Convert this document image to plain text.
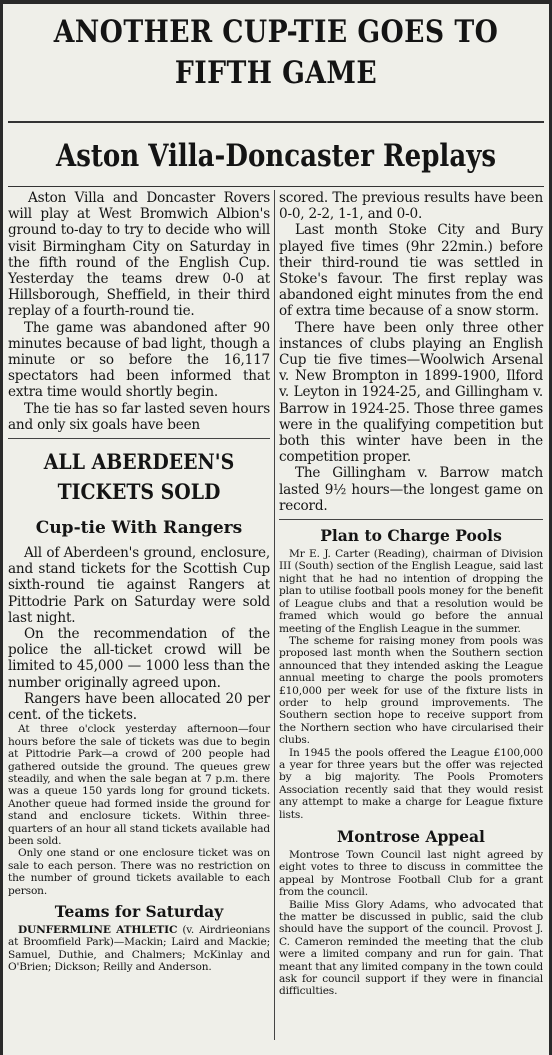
ANOTHER CUP-TIE GOES TO
FIFTH GAME
Aston Villa-Doncaster Replays

Aston Villa and Doncaster Rovers will play at West Bromwich Albion's ground to-day to try to decide who will visit Birmingham City on Saturday in the fifth round of the English Cup. Yesterday the teams drew 0-0 at Hillsborough, Sheffield, in their third replay of a fourth-round tie.

The game was abandoned after 90 minutes because of bad light, though a minute or so before the 16,117 spectators had been informed that extra time would shortly begin.

The tie has so far lasted seven hours and only six goals have been

ALL ABERDEEN'S
TICKETS SOLD
Cup-tie With Rangers

All of Aberdeen's ground, enclosure, and stand tickets for the Scottish Cup sixth-round tie against Rangers at Pittodrie Park on Saturday were sold last night.

On the recommendation of the police the all-ticket crowd will be limited to 45,000 — 1000 less than the number originally agreed upon.

Rangers have been allocated 20 per cent. of the tickets.

At three o'clock yesterday afternoon—four hours before the sale of tickets was due to begin at Pittodrie Park—a crowd of 200 people had gathered outside the ground. The queues grew steadily, and when the sale began at 7 p.m. there was a queue 150 yards long for ground tickets. Another queue had formed inside the ground for stand and enclosure tickets. Within three-quarters of an hour all stand tickets available had been sold.

Only one stand or one enclosure ticket was on sale to each person. There was no restriction on the number of ground tickets available to each person.

Teams for Saturday

DUNFERMLINE ATHLETIC (v. Airdrieonians at Broomfield Park)—Mackin; Laird and Mackie; Samuel, Duthie, and Chalmers; McKinlay and O'Brien; Dickson; Reilly and Anderson.

scored. The previous results have been 0-0, 2-2, 1-1, and 0-0.

Last month Stoke City and Bury played five times (9hr 22min.) before their third-round tie was settled in Stoke's favour. The first replay was abandoned eight minutes from the end of extra time because of a snow storm.

There have been only three other instances of clubs playing an English Cup tie five times—Woolwich Arsenal v. New Brompton in 1899-1900, Ilford v. Leyton in 1924-25, and Gillingham v. Barrow in 1924-25. Those three games were in the qualifying competition but both this winter have been in the competition proper.

The Gillingham v. Barrow match lasted 9½ hours—the longest game on record.

Plan to Charge Pools

Mr E. J. Carter (Reading), chairman of Division III (South) section of the English League, said last night that he had no intention of dropping the plan to utilise football pools money for the benefit of League clubs and that a resolution would be framed which would go before the annual meeting of the English League in the summer.

The scheme for raising money from pools was proposed last month when the Southern section announced that they intended asking the League annual meeting to charge the pools promoters £10,000 per week for use of the fixture lists in order to help ground improvements. The Southern section hope to receive support from the Northern section who have circularised their clubs.

In 1945 the pools offered the League £100,000 a year for three years but the offer was rejected by a big majority. The Pools Promoters Association recently said that they would resist any attempt to make a charge for League fixture lists.

Montrose Appeal

Montrose Town Council last night agreed by eight votes to three to discuss in committee the appeal by Montrose Football Club for a grant from the council.

Bailie Miss Glory Adams, who advocated that the matter be discussed in public, said the club should have the support of the council. Provost J. C. Cameron reminded the meeting that the club were a limited company and run for gain. That meant that any limited company in the town could ask for council support if they were in financial difficulties.
